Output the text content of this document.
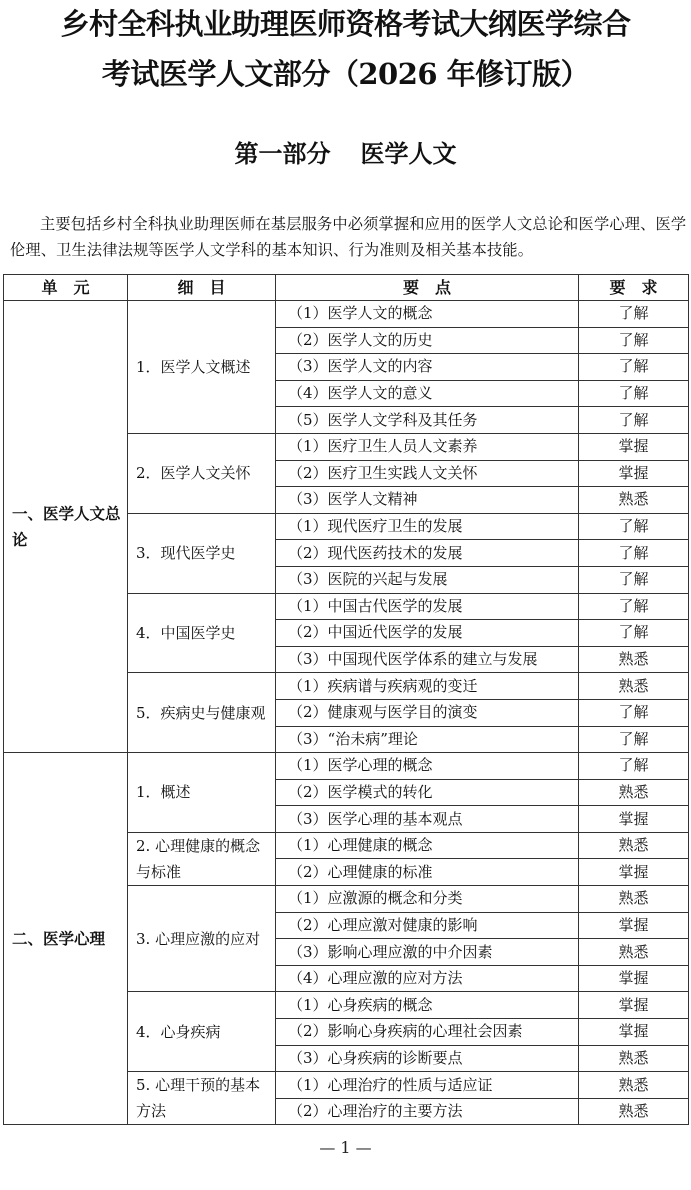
乡村全科执业助理医师资格考试大纲医学综合
考试医学人文部分（2026 年修订版）
第一部分 医学人文
主要包括乡村全科执业助理医师在基层服务中必须掌握和应用的医学人文总论和医学心理、医学伦理、卫生法律法规等医学人文学科的基本知识、行为准则及相关基本技能。
单　元	细　目	要　点	要　求
一、医学人文总论	1．医学人文概述	（1）医学人文的概念	了解
		（2）医学人文的历史	了解
		（3）医学人文的内容	了解
		（4）医学人文的意义	了解
		（5）医学人文学科及其任务	了解
	2．医学人文关怀	（1）医疗卫生人员人文素养	掌握
		（2）医疗卫生实践人文关怀	掌握
		（3）医学人文精神	熟悉
	3．现代医学史	（1）现代医疗卫生的发展	了解
		（2）现代医药技术的发展	了解
		（3）医院的兴起与发展	了解
	4．中国医学史	（1）中国古代医学的发展	了解
		（2）中国近代医学的发展	了解
		（3）中国现代医学体系的建立与发展	熟悉
	5．疾病史与健康观	（1）疾病谱与疾病观的变迁	熟悉
		（2）健康观与医学目的演变	了解
		（3）“治未病”理论	了解
二、医学心理	1．概述	（1）医学心理的概念	了解
		（2）医学模式的转化	熟悉
		（3）医学心理的基本观点	掌握
	2. 心理健康的概念与标准	（1）心理健康的概念	熟悉
		（2）心理健康的标准	掌握
	3. 心理应激的应对	（1）应激源的概念和分类	熟悉
		（2）心理应激对健康的影响	掌握
		（3）影响心理应激的中介因素	熟悉
		（4）心理应激的应对方法	掌握
	4．心身疾病	（1）心身疾病的概念	掌握
		（2）影响心身疾病的心理社会因素	掌握
		（3）心身疾病的诊断要点	熟悉
	5. 心理干预的基本方法	（1）心理治疗的性质与适应证	熟悉
		（2）心理治疗的主要方法	熟悉
— 1 —
